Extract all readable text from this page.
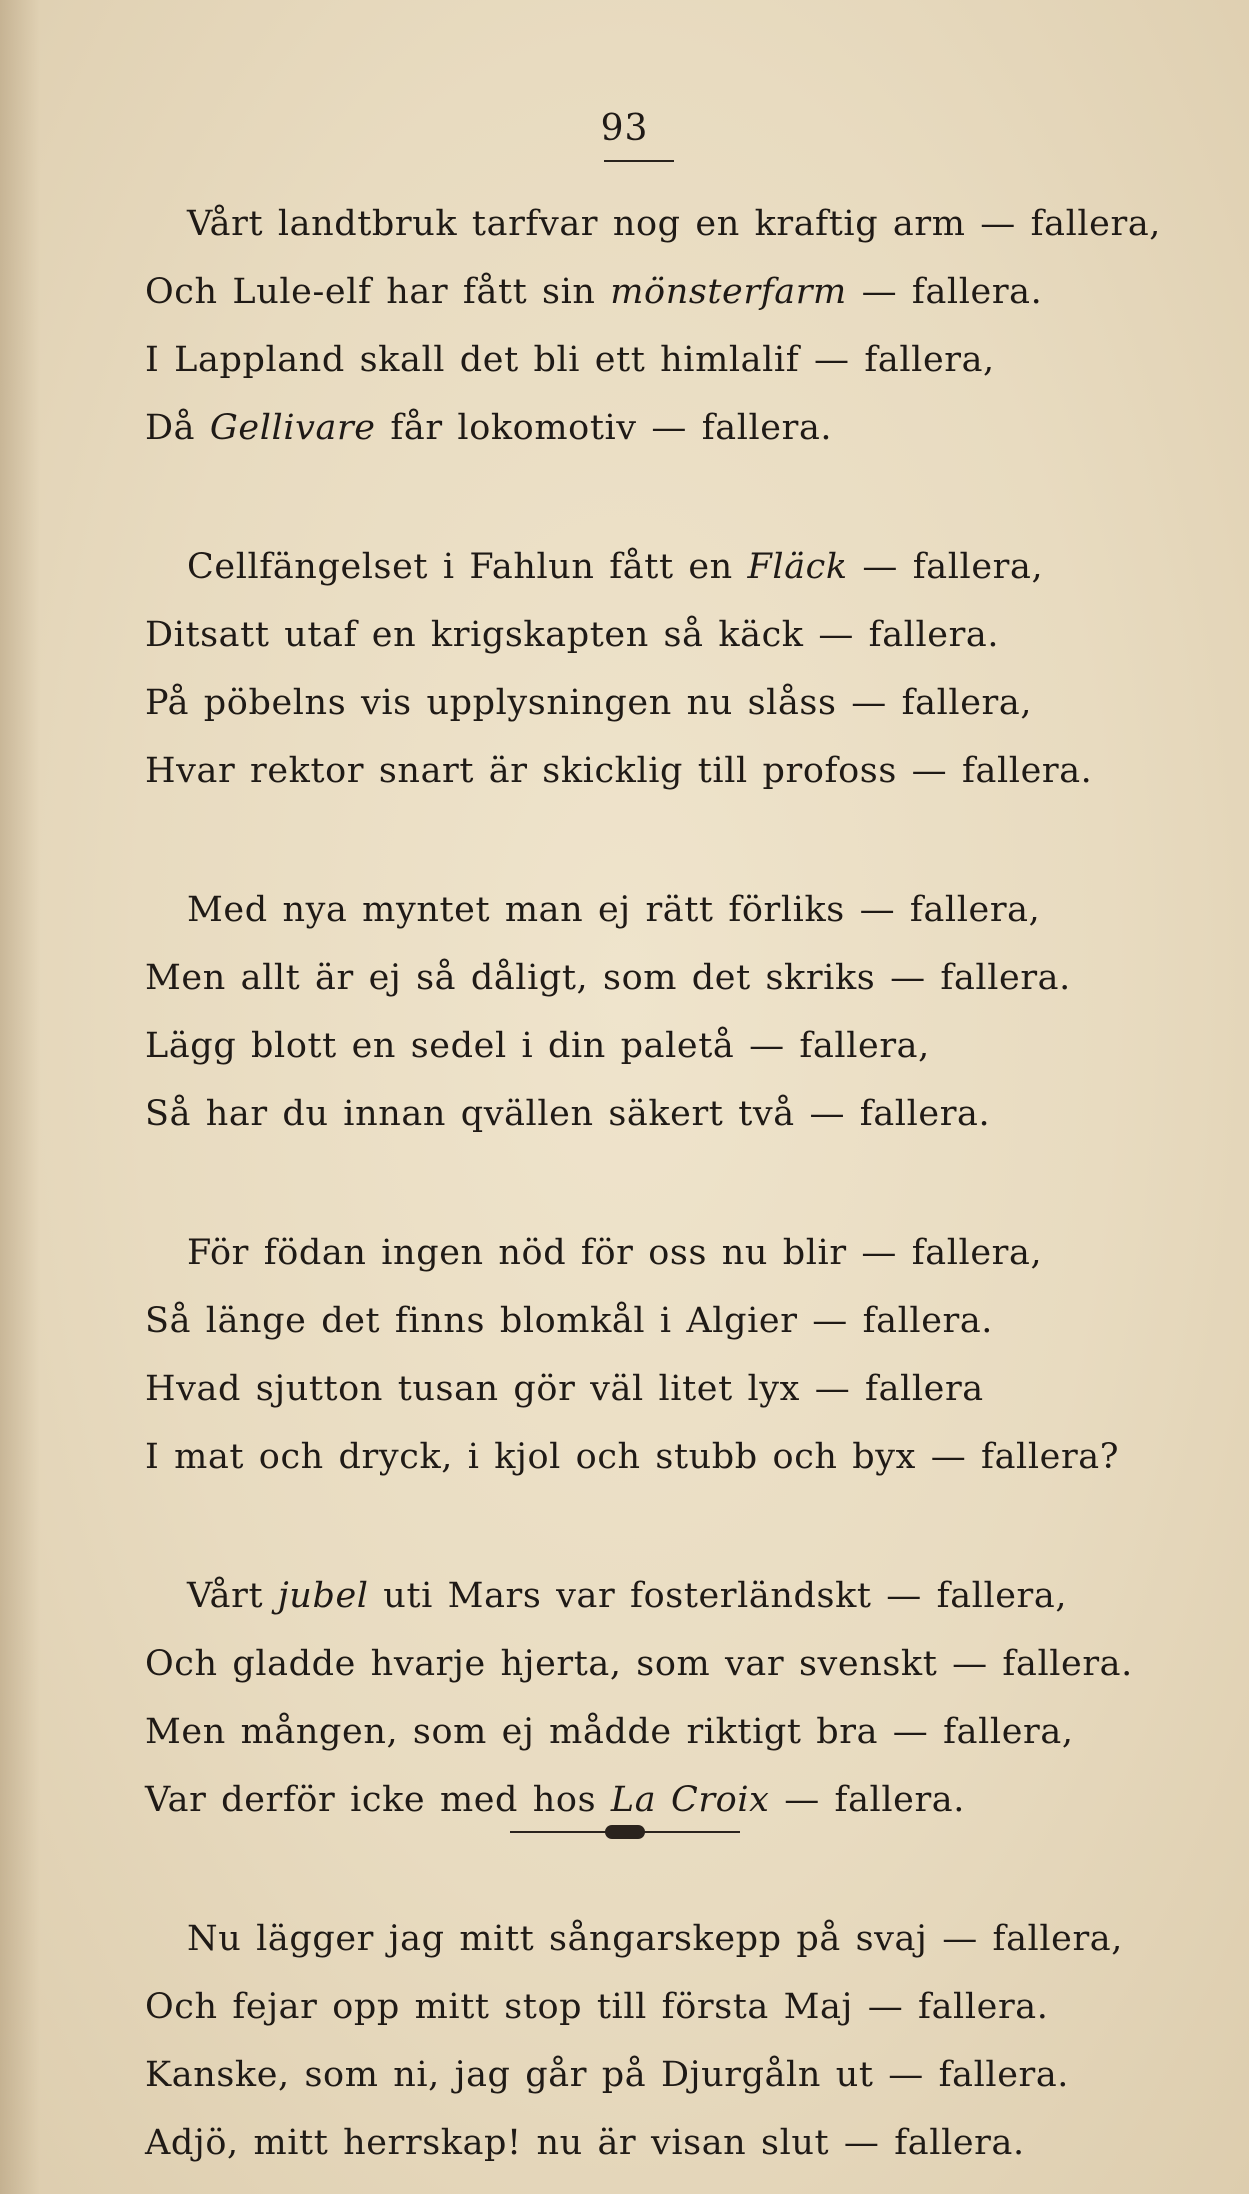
93
Vårt landtbruk tarfvar nog en kraftig arm — fallera,
Och Lule-elf har fått sin mönsterfarm — fallera.
I Lappland skall det bli ett himlalif — fallera,
Då Gellivare får lokomotiv — fallera.
Cellfängelset i Fahlun fått en Fläck — fallera,
Ditsatt utaf en krigskapten så käck — fallera.
På pöbelns vis upplysningen nu slåss — fallera,
Hvar rektor snart är skicklig till profoss — fallera.
Med nya myntet man ej rätt förliks — fallera,
Men allt är ej så dåligt, som det skriks — fallera.
Lägg blott en sedel i din paletå — fallera,
Så har du innan qvällen säkert två — fallera.
För födan ingen nöd för oss nu blir — fallera,
Så länge det finns blomkål i Algier — fallera.
Hvad sjutton tusan gör väl litet lyx — fallera
I mat och dryck, i kjol och stubb och byx — fallera?
Vårt jubel uti Mars var fosterländskt — fallera,
Och gladde hvarje hjerta, som var svenskt — fallera.
Men mången, som ej mådde riktigt bra — fallera,
Var derför icke med hos La Croix — fallera.
Nu lägger jag mitt sångarskepp på svaj — fallera,
Och fejar opp mitt stop till första Maj — fallera.
Kanske, som ni, jag går på Djurgåln ut — fallera.
Adjö, mitt herrskap! nu är visan slut — fallera.
